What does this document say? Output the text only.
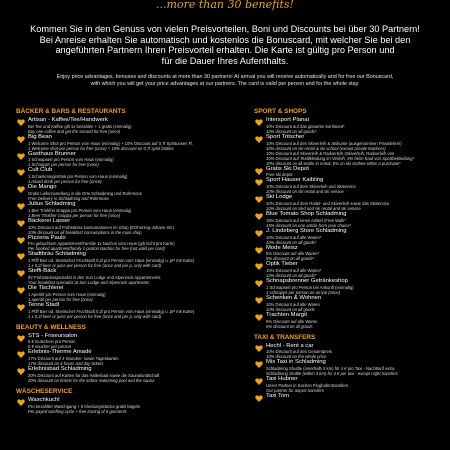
...more than 30 benefits!
Kommen Sie in den Genuss von vielen Preisvorteilen, Boni und Discounts bei über 30 Partnern!
Bei Anreise erhalten Sie automatisch und kostenlos die Bonuscard, mit welcher Sie bei den
angeführten Partnern Ihren Preisvorteil erhalten. Die Karte ist gültig pro Person und
für die Dauer Ihres Aufenthalts.
Enjoy price advantages, bonuses and discounts at more than 30 partners! At arrival you will receive automatically and for free our Bonuscard,
with which you will get your price advantages at our partners. The card is valid per person and for the whole stay.
BÄCKER & BARS & RESTAURANTS
Artisan - Kaffee/Tee/Handwerk
Bei Tee und Kaffee gilt 1x bezahlen + 1 gratis (einmalig)
Buy one coffee and get the second for free (once)
Big Bean
1 Welcome Shot pro Person vom Haus (einmalig) + 10% Discount auf 0,7l Spirituosen Fl.
1 Welcome shot per person for free (once) + 10% discount on 0,7l spirit bottles
Gasthaus Brunner
1 Schnapserl pro Person vom Haus (einmalig)
1 Schnapps per person for free (once)
Cult Club
1 Schankmingetränk pro Person vom Haus (einmalig)
1 mixed drink per person for free (once)
Die Mango
Gratis Lieferzustellung in die Orte Schladming und Rohrmoos
Free Delivery in Schladming and Rohrmoos
Julius Schladming
1 Bier Trinkfrei Grappa pro Person vom Haus (einmalig)
1 Beer Trinkfrei Grappa per person for free (once)
Bäckerei Lasser
10% Discount auf Frühstücks konsumationen im Shop (Erzherzog-Johann-Str.)
10% discount on all breakfast consumptions in the main shop
Pizzeria Paulo
Pro gebuchtem Appartement/Familie 1x Nachos vom Haus (gilt nicht pro Karte)
Per booked apartment/family 1 portion Nachos for free (not valid per card)
Stadtbräu Schladming
1 Pfiff Bier od. Steirischer Fruchtsaft 0,2l pro Person vom Haus (einmalig) u. pP mit Karte)
1 x 0,2l beer or juice per person for free (once and per p. only with card)
Steffi-Bäck
Ihr Frühstücksspezialist in den Sun Lodge und Alpenrock Appartements
Your breakfast specialist at Sun Lodge and Alpenrock apartments
Die Tischlerei
1 Aperitif pro Person vom Haus (einmalig)
1 aperitif per person for free (once)
Tenne Stadl
1 Pfiff Bier od. Steirischer Fruchtsaft 0,2l pro Person vom Haus (einmalig) u. pP mit Karte)
1 x 0,2l beer or juice per person for free (once and per p. only with card)
BEAUTY & WELLNESS
STS - Friseursalon
5 € Gutschein pro Person
5 € voucher per person
Erlebnis-Therme Amadé
17% Discount auf 4-Stunden- sowie Tageskarten
17% discount on 4-hours and day tickets
Erlebnisbad Schladming
20% Discount auf Karten für das Hallenbad sowie die Saunalandschaft
20% discount on tickets for the indoor swimming pool and the sauna
WÄSCHESERVICE
Waschkuchl
Pro bezahlter Waschgang + 5 Kleidungsstücke gratis bügeln
Per payed washing cycle + free ironing of 5 garments
SPORT & SHOPS
Intersport Planai
10% Discount auf das gesamte Sortiment*
10% discount on all goods*
Sport Tritscher
10% Discount auf den Skiverleih & Skikurse (ausgenommen Privatlehrer)
10% discount on ski rental & ski school (except private teachers)
10% Discount auf Skiverleih & Radverleih (Skiverleih, Radverleih von
10% Discount auf Textilkleidung im Verleih, 5% beim Kauf von Sportbekleidung*
10% discount on all textile in rental, 5% on ski clothes within a purchase*
Gratis Ski Depot
Free ski depot
Sport Hauser Kaibling
10% Discount auf dem Skiverleih und Skiservice
10% discount on ski rental and ski service
Ski Lodge
10% Discount auf dem Rodel- und Skiverleih sowie das Skiservice
10% discount on sled and ski rental and ski service
Blue Tomato Shop Schladming
15% Discount auf einen Artikel (Free Walk*
15% discount on one article from your choice*
J. Lindeberg Store Schladming
10% Discount auf alle Waren*
10% discount on all goods*
Mode Meisz
5% Discount auf alle Waren*
5% discount on all goods*
Optik Tieber
10% Discount auf alle Waren*
10% discount on all goods*
Schnapsbrenner Getränkeshop
1 Schnapserl pro Person bei Ankunft (einmalig)
1 schnapps per person on arrival (once)
Schenken & Wohnen
10% Discount auf alle Waren
10% discount on all goods
Trachten Margit
5% Discount auf alle Waren
5% discount on all goods
TAXI & TRANSFERS
Hechl - Rent a car
10% Discount auf den Gesamtpreis
10% discount on the whole price
Mix Taxi in Schladming
Schladming Shuttle (innerhalb 3 km) für 4 € pro Taxi - Nachttarif extra
Schladming shuttle (within 3 km) for 4 € per taxi - except night transfers
Taxi Hubner
Unser Partner in Sachen Flughafentransfers
Our partner for airport transfers
Taxi Tom
